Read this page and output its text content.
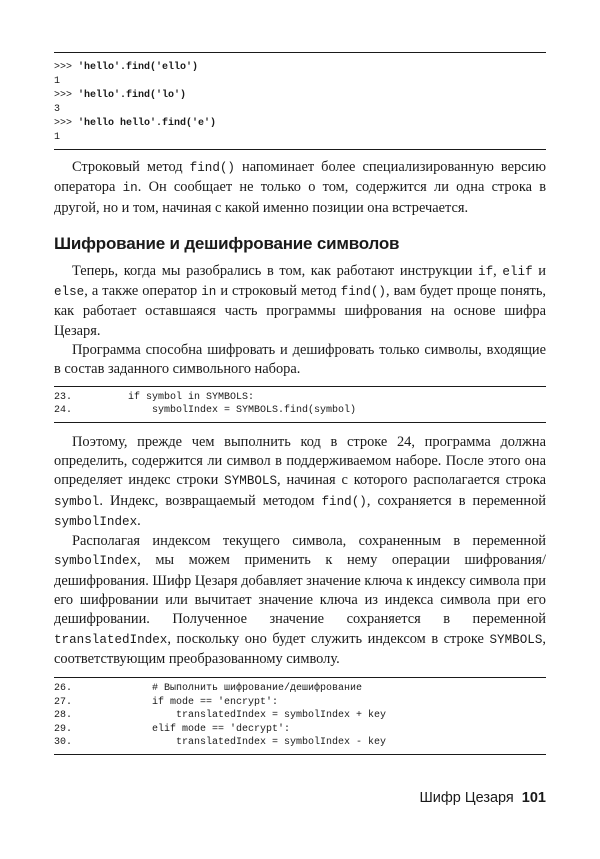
>>> 'hello'.find('ello')
1
>>> 'hello'.find('lo')
3
>>> 'hello hello'.find('e')
1

Строковый метод find() напоминает более специализированную версию оператора in. Он сообщает не только о том, содержится ли одна строка в другой, но и том, начиная с какой именно позиции она встречается.

Шифрование и дешифрование символов

Теперь, когда мы разобрались в том, как работают инструкции if, elif и else, а также оператор in и строковый метод find(), вам будет проще понять, как работает оставшаяся часть программы шифрования на основе шифра Цезаря.

Программа способна шифровать и дешифровать только символы, входящие в состав заданного символьного набора.

23.	if symbol in SYMBOLS:
24.	symbolIndex = SYMBOLS.find(symbol)

Поэтому, прежде чем выполнить код в строке 24, программа должна определить, содержится ли символ в поддерживаемом наборе. После этого она определяет индекс строки SYMBOLS, начиная с которого располагается строка symbol. Индекс, возвращаемый методом find(), сохраняется в переменной symbolIndex.

Располагая индексом текущего символа, сохраненным в переменной symbolIndex, мы можем применить к нему операции шифрования/ дешифрования. Шифр Цезаря добавляет значение ключа к индексу символа при его шифровании или вычитает значение ключа из индекса символа при его дешифровании. Полученное значение сохраняется в переменной translatedIndex, поскольку оно будет служить индексом в строке SYMBOLS, соответствующим преобразованному символу.

26.	# Выполнить шифрование/дешифрование
27.	if mode == 'encrypt':
28.	translatedIndex = symbolIndex + key
29.	elif mode == 'decrypt':
30.	translatedIndex = symbolIndex - key
Шифр Цезаря 101
